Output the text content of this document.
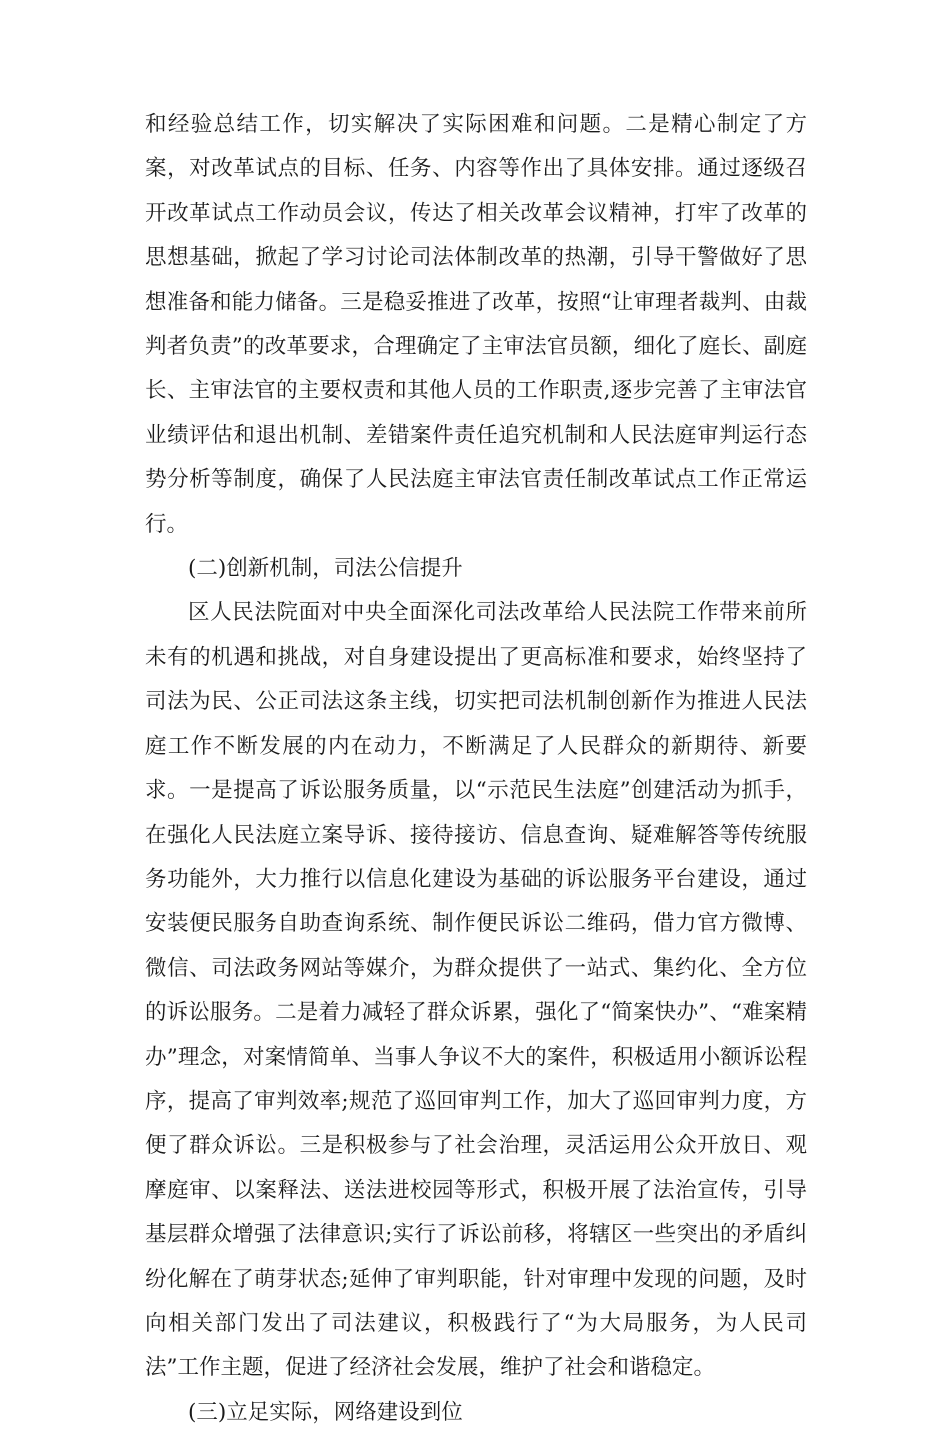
和经验总结工作，切实解决了实际困难和问题。二是精心制定了方案，对改革试点的目标、任务、内容等作出了具体安排。通过逐级召开改革试点工作动员会议，传达了相关改革会议精神，打牢了改革的思想基础，掀起了学习讨论司法体制改革的热潮，引导干警做好了思想准备和能力储备。三是稳妥推进了改革，按照“让审理者裁判、由裁判者负责”的改革要求，合理确定了主审法官员额，细化了庭长、副庭长、主审法官的主要权责和其他人员的工作职责,逐步完善了主审法官业绩评估和退出机制、差错案件责任追究机制和人民法庭审判运行态势分析等制度，确保了人民法庭主审法官责任制改革试点工作正常运行。

(二)创新机制，司法公信提升

区人民法院面对中央全面深化司法改革给人民法院工作带来前所未有的机遇和挑战，对自身建设提出了更高标准和要求，始终坚持了司法为民、公正司法这条主线，切实把司法机制创新作为推进人民法庭工作不断发展的内在动力，不断满足了人民群众的新期待、新要求。一是提高了诉讼服务质量，以“示范民生法庭”创建活动为抓手，在强化人民法庭立案导诉、接待接访、信息查询、疑难解答等传统服务功能外，大力推行以信息化建设为基础的诉讼服务平台建设，通过安装便民服务自助查询系统、制作便民诉讼二维码，借力官方微博、微信、司法政务网站等媒介，为群众提供了一站式、集约化、全方位的诉讼服务。二是着力减轻了群众诉累，强化了“简案快办”、“难案精办”理念，对案情简单、当事人争议不大的案件，积极适用小额诉讼程序，提高了审判效率;规范了巡回审判工作，加大了巡回审判力度，方便了群众诉讼。三是积极参与了社会治理，灵活运用公众开放日、观摩庭审、以案释法、送法进校园等形式，积极开展了法治宣传，引导基层群众增强了法律意识;实行了诉讼前移，将辖区一些突出的矛盾纠纷化解在了萌芽状态;延伸了审判职能，针对审理中发现的问题，及时向相关部门发出了司法建议，积极践行了“为大局服务，为人民司法”工作主题，促进了经济社会发展，维护了社会和谐稳定。

(三)立足实际，网络建设到位
